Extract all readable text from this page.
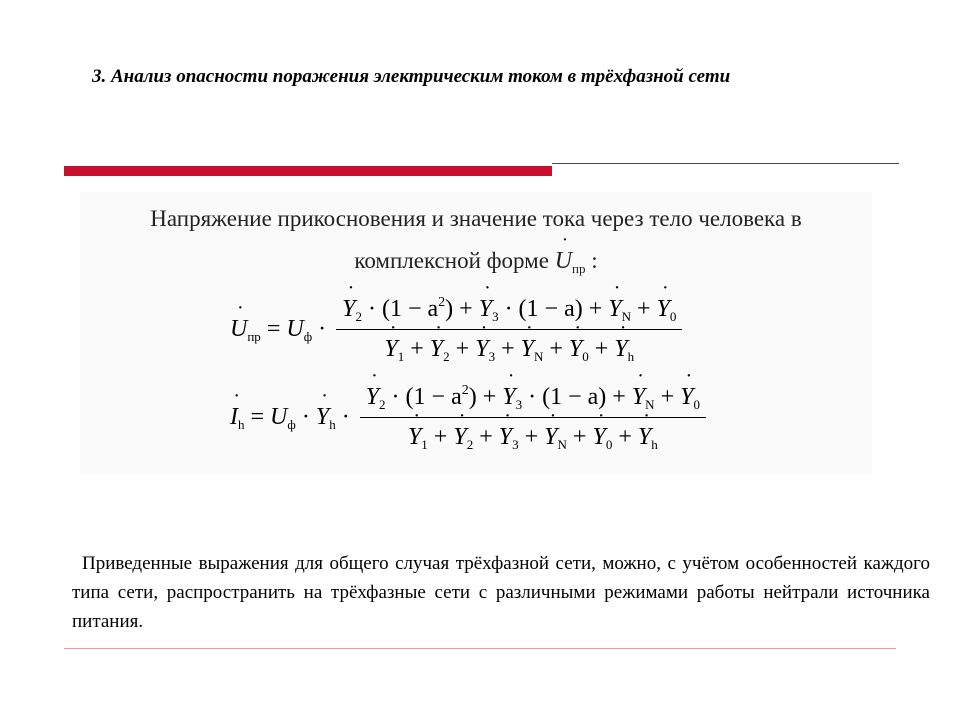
3. Анализ опасности поражения электрическим током в трёхфазной сети
Напряжение прикосновения и значение тока через тело человека в
комплексной форме ˙ $U_{пр}$ :
˙ $U_{пр} = U_ф$ · ˙ $Y_2 \cdot (1 - a^2)$ + ˙ $Y_3 \cdot (1 - a)$ + ˙ $Y_N$ + ˙ $Y_0$
˙ $Y_1$ + ˙ $Y_2$ + ˙ $Y_3$ + ˙ $Y_N$ + ˙ $Y_0$ + ˙ $Y_h$
˙ $I_h = U_ф$ · ˙ $Y_h$ · ˙ $Y_2 \cdot (1 - a^2)$ + ˙ $Y_3 \cdot (1 - a)$ + ˙ $Y_N$ + ˙ $Y_0$
˙ $Y_1$ + ˙ $Y_2$ + ˙ $Y_3$ + ˙ $Y_N$ + ˙ $Y_0$ + ˙ $Y_h$

Приведенные выражения для общего случая трёхфазной сети, можно, с учётом особенностей каждого типа сети, распространить на трёхфазные сети с различными режимами работы нейтрали источника питания.
